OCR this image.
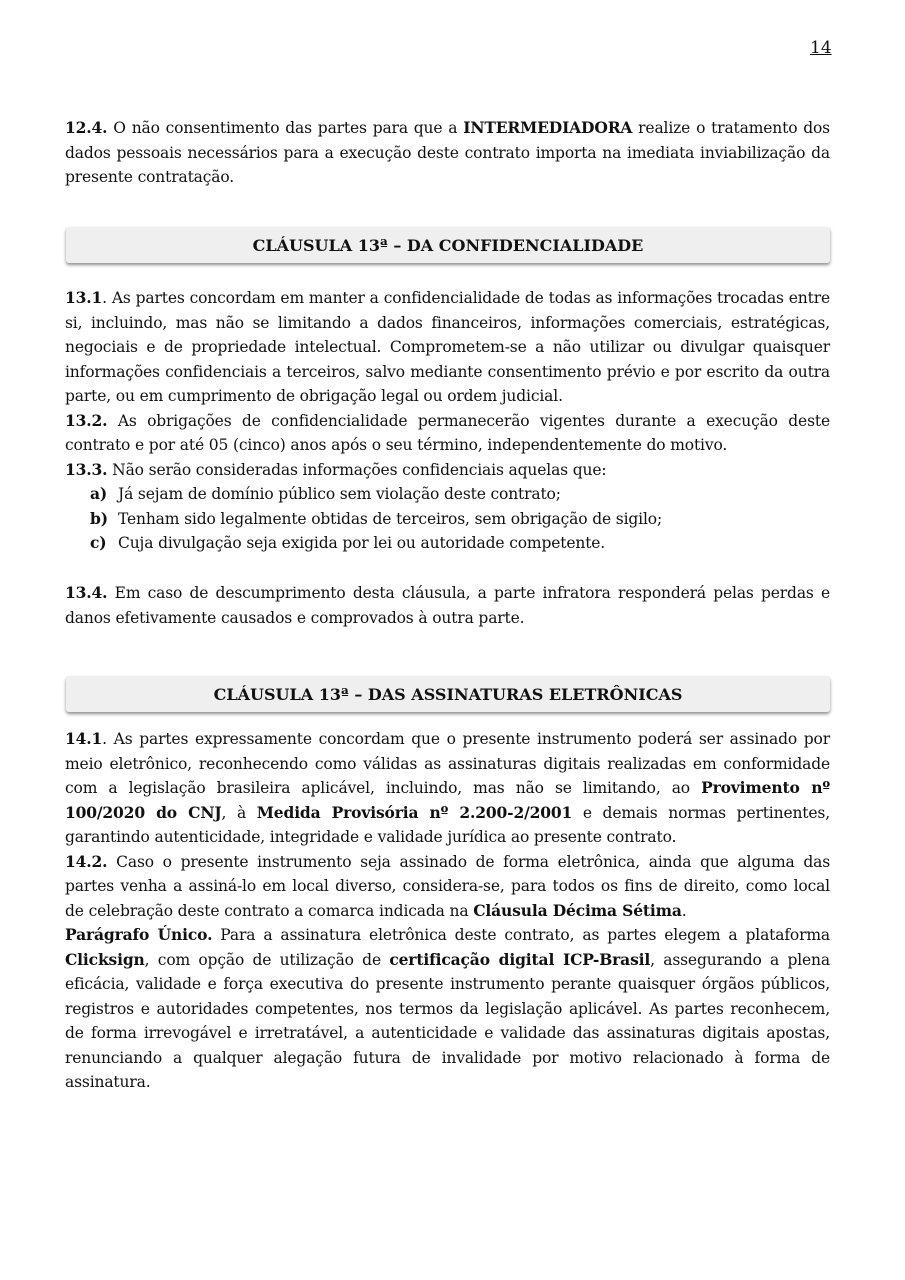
14

12.4. O não consentimento das partes para que a INTERMEDIADORA realize o tratamento dos dados pessoais necessários para a execução deste contrato importa na imediata inviabilização da presente contratação.

CLÁUSULA 13ª – DA CONFIDENCIALIDADE

13.1. As partes concordam em manter a confidencialidade de todas as informações trocadas entre si, incluindo, mas não se limitando a dados financeiros, informações comerciais, estratégicas, negociais e de propriedade intelectual. Comprometem-se a não utilizar ou divulgar quaisquer informações confidenciais a terceiros, salvo mediante consentimento prévio e por escrito da outra parte, ou em cumprimento de obrigação legal ou ordem judicial.

13.2. As obrigações de confidencialidade permanecerão vigentes durante a execução deste contrato e por até 05 (cinco) anos após o seu término, independentemente do motivo.

13.3. Não serão consideradas informações confidenciais aquelas que:

a) Já sejam de domínio público sem violação deste contrato;
b) Tenham sido legalmente obtidas de terceiros, sem obrigação de sigilo;
c) Cuja divulgação seja exigida por lei ou autoridade competente.

13.4. Em caso de descumprimento desta cláusula, a parte infratora responderá pelas perdas e danos efetivamente causados e comprovados à outra parte.

CLÁUSULA 13ª – DAS ASSINATURAS ELETRÔNICAS

14.1. As partes expressamente concordam que o presente instrumento poderá ser assinado por meio eletrônico, reconhecendo como válidas as assinaturas digitais realizadas em conformidade com a legislação brasileira aplicável, incluindo, mas não se limitando, ao Provimento nº 100/2020 do CNJ, à Medida Provisória nº 2.200-2/2001 e demais normas pertinentes, garantindo autenticidade, integridade e validade jurídica ao presente contrato.

14.2. Caso o presente instrumento seja assinado de forma eletrônica, ainda que alguma das partes venha a assiná-lo em local diverso, considera-se, para todos os fins de direito, como local de celebração deste contrato a comarca indicada na Cláusula Décima Sétima.

Parágrafo Único. Para a assinatura eletrônica deste contrato, as partes elegem a plataforma Clicksign, com opção de utilização de certificação digital ICP-Brasil, assegurando a plena eficácia, validade e força executiva do presente instrumento perante quaisquer órgãos públicos, registros e autoridades competentes, nos termos da legislação aplicável. As partes reconhecem, de forma irrevogável e irretratável, a autenticidade e validade das assinaturas digitais apostas, renunciando a qualquer alegação futura de invalidade por motivo relacionado à forma de assinatura.
